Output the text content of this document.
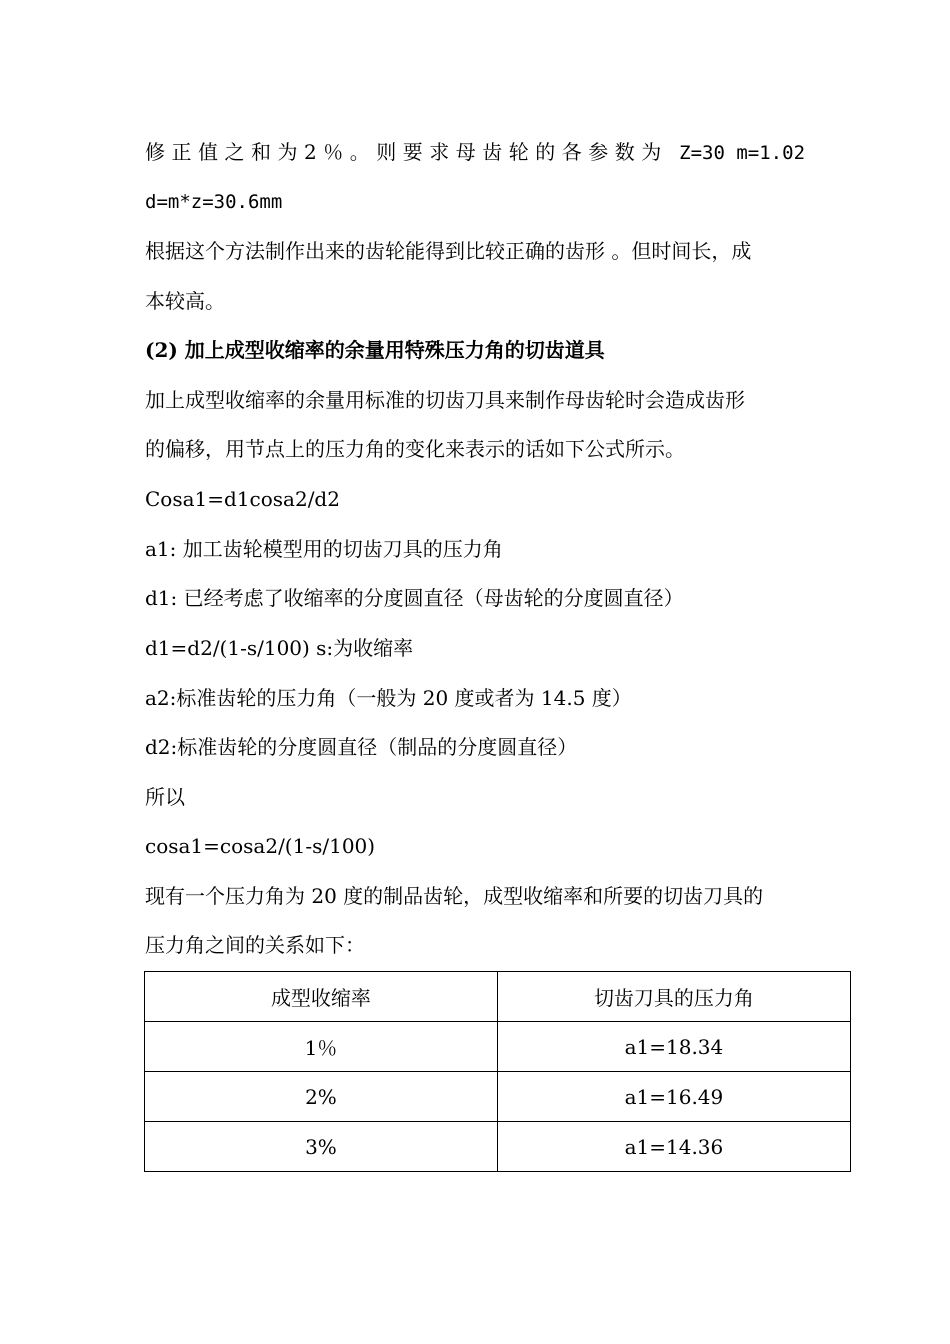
修正值之和为2％。则要求母齿轮的各参数为 Z=30 m=1.02
d=m*z=30.6mm
根据这个方法制作出来的齿轮能得到比较正确的齿形 。但时间长，成
本较高。
(2) 加上成型收缩率的余量用特殊压力角的切齿道具
加上成型收缩率的余量用标准的切齿刀具来制作母齿轮时会造成齿形
的偏移，用节点上的压力角的变化来表示的话如下公式所示。
Cosa1=d1cosa2/d2
a1: 加工齿轮模型用的切齿刀具的压力角
d1: 已经考虑了收缩率的分度圆直径（母齿轮的分度圆直径）
d1=d2/(1-s/100) s:为收缩率
a2:标准齿轮的压力角（一般为 20 度或者为 14.5 度）
d2:标准齿轮的分度圆直径（制品的分度圆直径）
所以
cosa1=cosa2/(1-s/100)
现有一个压力角为 20 度的制品齿轮，成型收缩率和所要的切齿刀具的
压力角之间的关系如下：
成型收缩率	切齿刀具的压力角
1％	a1=18.34
2%	a1=16.49
3%	a1=14.36
